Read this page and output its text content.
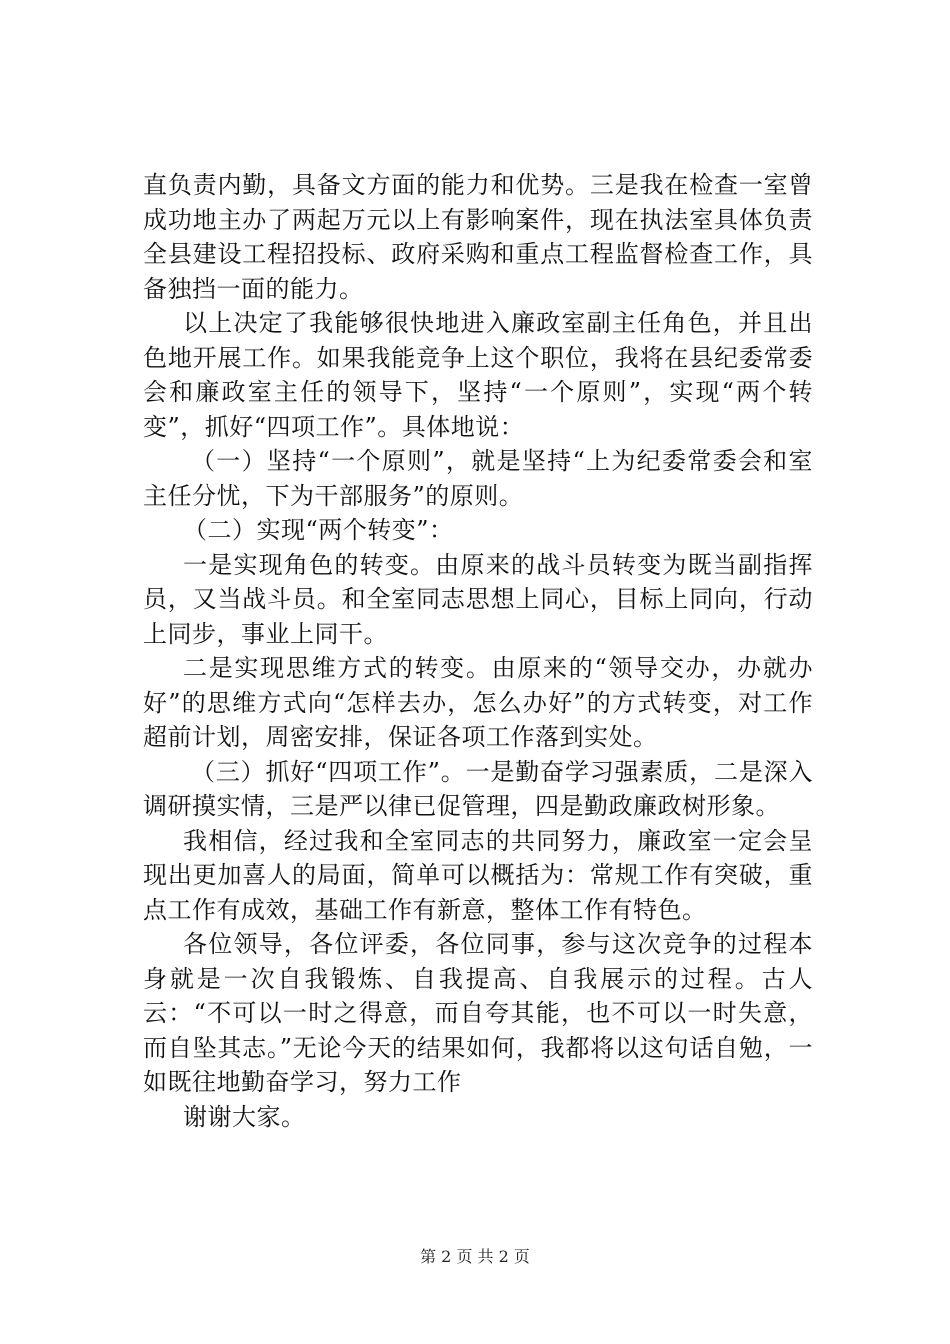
直负责内勤，具备文方面的能力和优势。三是我在检查一室曾成功地主办了两起万元以上有影响案件，现在执法室具体负责全县建设工程招投标、政府采购和重点工程监督检查工作，具备独挡一面的能力。

以上决定了我能够很快地进入廉政室副主任角色，并且出色地开展工作。如果我能竞争上这个职位，我将在县纪委常委会和廉政室主任的领导下，坚持“一个原则”，实现“两个转变”，抓好“四项工作”。具体地说：

（一）坚持“一个原则”，就是坚持“上为纪委常委会和室主任分忧，下为干部服务”的原则。

（二）实现“两个转变”：

一是实现角色的转变。由原来的战斗员转变为既当副指挥员，又当战斗员。和全室同志思想上同心，目标上同向，行动上同步，事业上同干。

二是实现思维方式的转变。由原来的“领导交办，办就办好”的思维方式向“怎样去办，怎么办好”的方式转变，对工作超前计划，周密安排，保证各项工作落到实处。

（三）抓好“四项工作”。一是勤奋学习强素质，二是深入调研摸实情，三是严以律已促管理，四是勤政廉政树形象。

我相信，经过我和全室同志的共同努力，廉政室一定会呈现出更加喜人的局面，简单可以概括为：常规工作有突破，重点工作有成效，基础工作有新意，整体工作有特色。

各位领导，各位评委，各位同事，参与这次竞争的过程本身就是一次自我锻炼、自我提高、自我展示的过程。古人云：“不可以一时之得意，而自夸其能，也不可以一时失意，而自坠其志。”无论今天的结果如何，我都将以这句话自勉，一如既往地勤奋学习，努力工作

谢谢大家。

第 2 页 共 2 页
